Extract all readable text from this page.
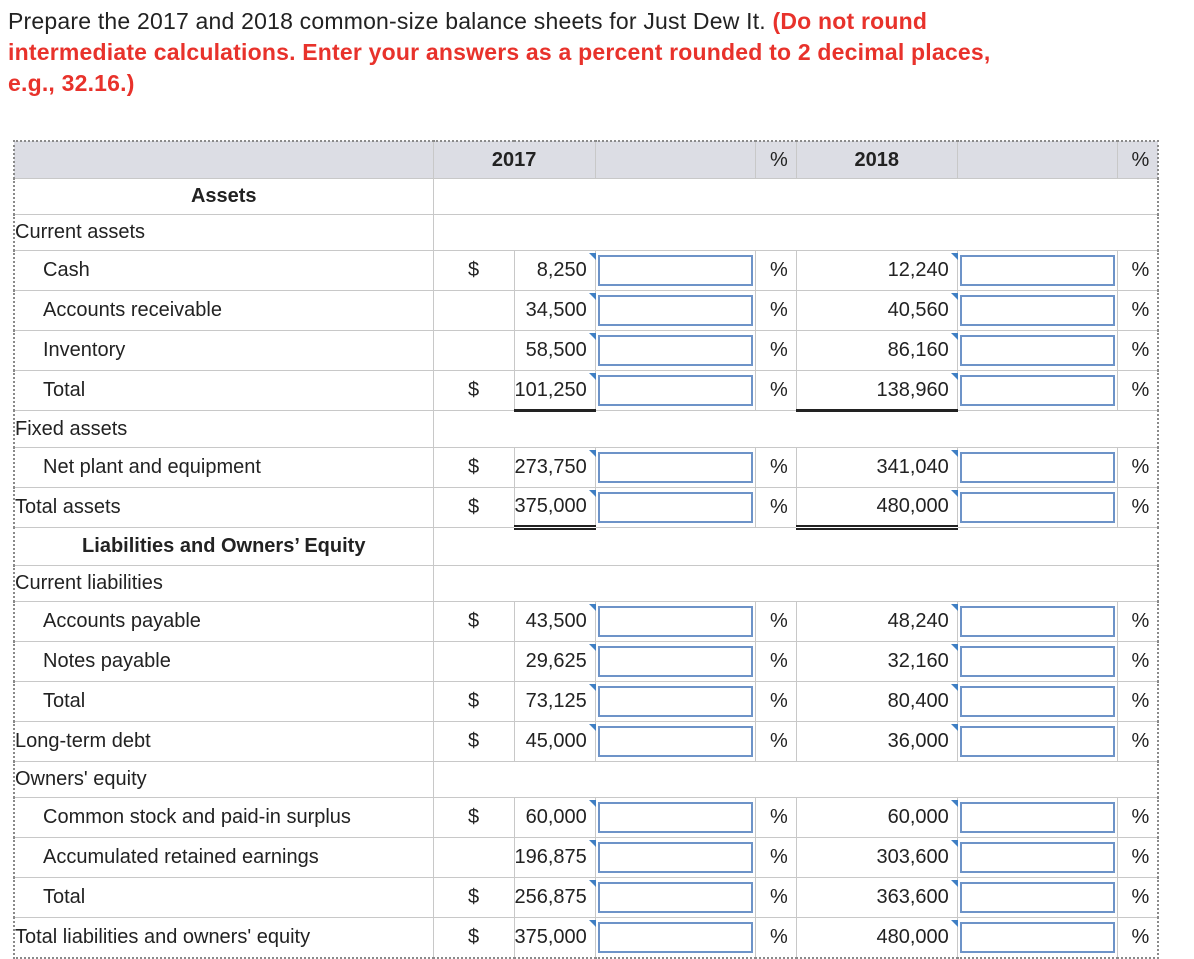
Prepare the 2017 and 2018 common-size balance sheets for Just Dew It. (Do not round intermediate calculations. Enter your answers as a percent rounded to 2 decimal places, e.g., 32.16.)
	2017			%	2018		%
Assets							
Current assets							
Cash	$	8,250		%	12,240		%
Accounts receivable		34,500		%	40,560		%
Inventory		58,500		%	86,160		%
Total	$	101,250		%	138,960		%
Fixed assets							
Net plant and equipment	$	273,750		%	341,040		%
Total assets	$	375,000		%	480,000		%
Liabilities and Owners’ Equity							
Current liabilities							
Accounts payable	$	43,500		%	48,240		%
Notes payable		29,625		%	32,160		%
Total	$	73,125		%	80,400		%
Long-term debt	$	45,000		%	36,000		%
Owners' equity							
Common stock and paid-in surplus	$	60,000		%	60,000		%
Accumulated retained earnings		196,875		%	303,600		%
Total	$	256,875		%	363,600		%
Total liabilities and owners' equity	$	375,000		%	480,000		%
